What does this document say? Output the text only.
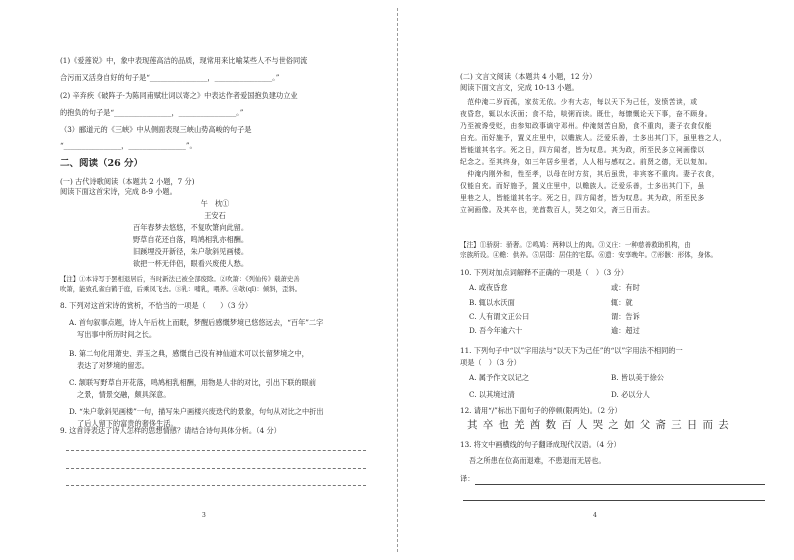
(1)《爱莲说》中，象中表现莲高洁的品质，现常用来比喻某些人不与世俗同流
合污而又活身自好的句子是“________________，________________。”
(2) 辛弃疾《破阵子·为陈同甫赋壮词以寄之》中表达作者爱国抱负建功立业
的抱负的句子是“________________，________________。”
（3）郦道元的《三峡》中从侧面表现三峡山势高峻的句子是
“________________，________________”。
二、阅读（26 分）
(一) 古代诗歌阅读（本题共 2 小题，7 分)
阅读下面这首宋诗，完成 8-9 小题。
午　枕①
王安石
百年春梦去悠悠，不复吹箫向此留。
野草自花还自落，鸣鸠相乳亦相酬。
旧蹊埋没开新径，朱户欹斜见画楼。
欲把一杯无伴侣，眼看兴废使人愁。
【注】①本诗写于罢相退居后，当时新法已被全部废除。②吹箫：《列仙传》载萧史善
吹箫，能致孔雀白鹤于庭，后乘凤飞去。③乳：哺乳，喂养。④欹(qī)：倾斜，歪斜。
8. 下列对这首宋诗的赏析，不恰当的一项是（　　）（3 分）
A. 首句叙事点题，诗人午后枕上而眠，梦醒后感慨梦境已悠悠远去，“百年”二字
写出事中所历时间之长。
B. 第二句化用萧史、弄玉之典，感慨自己没有神仙道术可以长留梦境之中，
表达了对梦境的留恋。
C. 颔联写野草自开花落，鸣鸠相乳相酬，用物是人非的对比，引出下联的眼前
之景，情景交融，颇具深意。
D. “朱户欹斜见画楼”一句，描写朱户画楼兴废迭代的景象，句句从对比之中折出
了后人留下的富贵的奢侈生活。
9. 这首诗表达了诗人怎样的思想情感？请结合诗句具体分析。（4 分）
3
(二) 文言文阅读（本题共 4 小题，12 分）
阅读下面文言文，完成 10-13 小题。
　范仲淹二岁而孤，家贫无依。少有大志，每以天下为己任，发愤苦读，或
夜昏怠，辄以水沃面；食不给，啖粥而读。既仕，每慷慨论天下事，奋不顾身。
乃至被谗受贬，由参知政事谪守邓州。仲淹刻苦自励，食不重肉，妻子衣食仅能
自充。而好施予，置义庄里中，以赡族人。泛爱乐善，士多出其门下，虽里巷之人，
皆能道其名字。死之日，四方闻者，皆为叹息。其为政，所至民多立祠画像以
纪念之。至其终身，如三年居乡里者，人人相与感叹之。前贤之德，无以复加。
　仲淹内刚外和，性至孝，以母在时方贫，其后虽贵，非宾客不重肉。妻子衣食，
仅能自充。而好施予，置义庄里中，以赡族人。泛爱乐善，士多出其门下，虽
里巷之人，皆能道其名字。死之日，四方闻者，皆为叹息。其为政，所至民多
立祠画像。及其卒也，羌酋数百人，哭之如父，斋三日而去。
【注】①骄厨：骄奢。②鸣鸠：两种以上的肉。③义庄：一种慈善救助机构，由
宗族所设。④赡：供养。⑤居邸：居住的宅邸。⑥遗：安享晚年。⑦形骸：形体，身体。
10. 下列对加点词解释不正确的一项是（　）（3 分）
A. 或夜昏怠	或：有时
B. 辄以水沃面	辄：就
C. 人有谓文正公曰	谓：告诉
D. 吾今年逾六十	逾：超过
11. 下列句子中“以”字用法与“以天下为己任”的“以”字用法不相同的一
项是（　）（3 分）
A. 属予作文以记之	B. 皆以美于徐公
C. 以其境过清	D. 必以分人
12. 请用“/”标出下面句子的停顿(限两处)。（2 分）
其卒也羌酋数百人哭之如父斋三日而去
13. 将文中画横线的句子翻译成现代汉语。（4 分）
吾之所患在位高而退难，不患退而无居也。
译：
4
